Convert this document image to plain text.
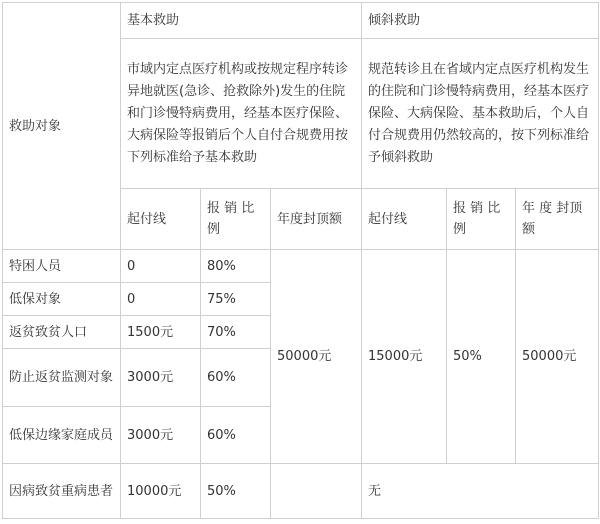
救助对象	基本救助			倾斜救助		
	市域内定点医疗机构或按规定程序转诊异地就医(急诊、抢救除外)发生的住院和门诊慢特病费用，经基本医疗保险、大病保险等报销后个人自付合规费用按下列标准给予基本救助			规范转诊且在省域内定点医疗机构发生的住院和门诊慢特病费用，经基本医疗保险、大病保险、基本救助后，个人自付合规费用仍然较高的，按下列标准给予倾斜救助		
	起付线	报 销 比例	年度封顶额	起付线	报 销 比例	年 度 封顶额
特困人员	0	80%	50000元	15000元	50%	50000元
低保对象	0	75%				
返贫致贫人口	1500元	70%				
防止返贫监测对象	3000元	60%				
低保边缘家庭成员	3000元	60%				
因病致贫重病患者	10000元	50%		无		
